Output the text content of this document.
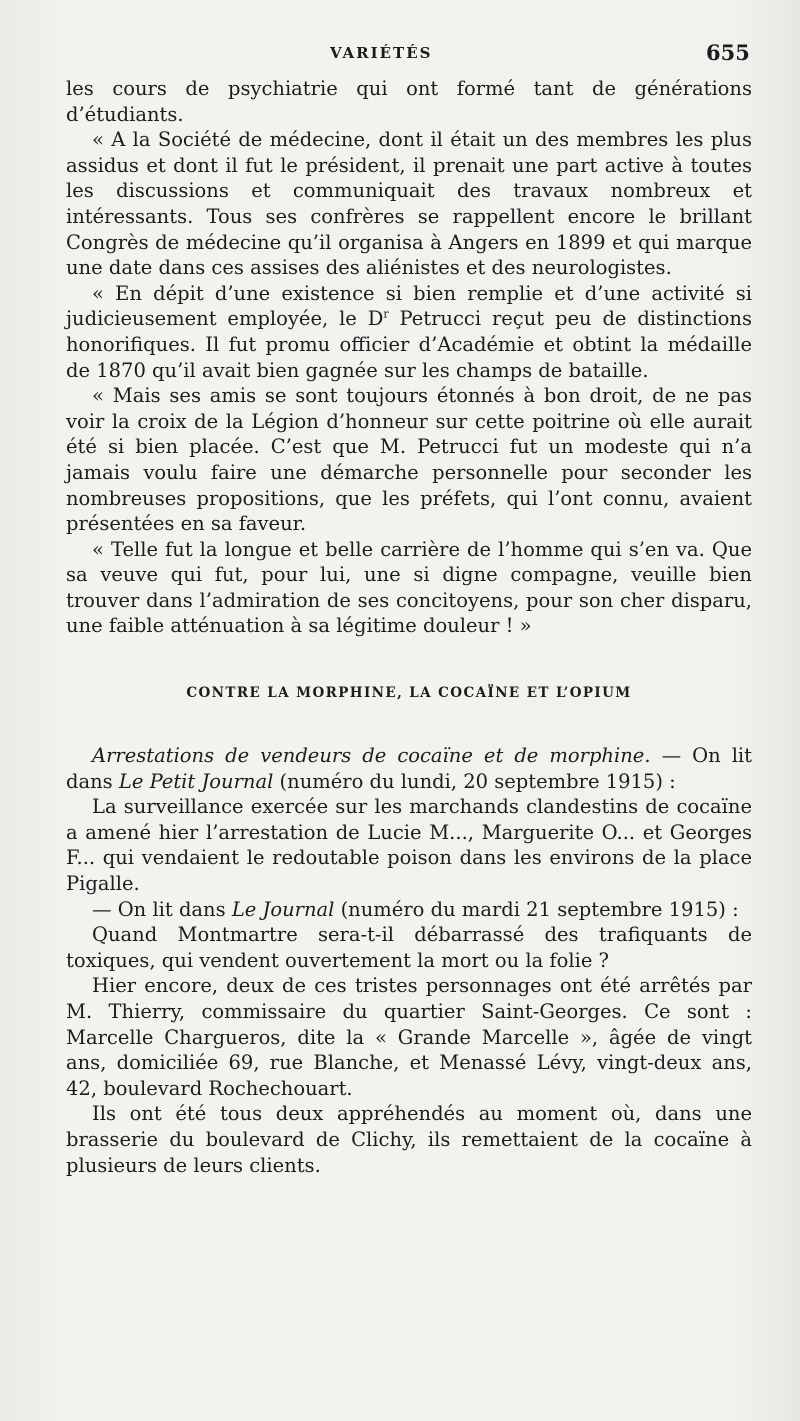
VARIÉTÉS	655

les cours de psychiatrie qui ont formé tant de générations d’étudiants.

« A la Société de médecine, dont il était un des membres les plus assidus et dont il fut le président, il prenait une part active à toutes les discussions et communiquait des travaux nombreux et intéressants. Tous ses confrères se rappellent encore le brillant Congrès de médecine qu’il organisa à Angers en 1899 et qui marque une date dans ces assises des aliénistes et des neurologistes.

« En dépit d’une existence si bien remplie et d’une activité si judicieusement employée, le $D^r$ Petrucci reçut peu de distinctions honorifiques. Il fut promu officier d’Académie et obtint la médaille de 1870 qu’il avait bien gagnée sur les champs de bataille.

« Mais ses amis se sont toujours étonnés à bon droit, de ne pas voir la croix de la Légion d’honneur sur cette poitrine où elle aurait été si bien placée. C’est que M. Petrucci fut un modeste qui n’a jamais voulu faire une démarche personnelle pour seconder les nombreuses propositions, que les préfets, qui l’ont connu, avaient présentées en sa faveur.

« Telle fut la longue et belle carrière de l’homme qui s’en va. Que sa veuve qui fut, pour lui, une si digne compagne, veuille bien trouver dans l’admiration de ses concitoyens, pour son cher disparu, une faible atténuation à sa légitime douleur ! »

CONTRE LA MORPHINE, LA COCAÏNE ET L’OPIUM

Arrestations de vendeurs de cocaïne et de morphine. — On lit dans Le Petit Journal (numéro du lundi, 20 septembre 1915) :

La surveillance exercée sur les marchands clandestins de cocaïne a amené hier l’arrestation de Lucie M..., Marguerite O... et Georges F... qui vendaient le redoutable poison dans les environs de la place Pigalle.

— On lit dans Le Journal (numéro du mardi 21 septembre 1915) :

Quand Montmartre sera-t-il débarrassé des trafiquants de toxiques, qui vendent ouvertement la mort ou la folie ?

Hier encore, deux de ces tristes personnages ont été arrêtés par M. Thierry, commissaire du quartier Saint-Georges. Ce sont : Marcelle Chargueros, dite la « Grande Marcelle », âgée de vingt ans, domiciliée 69, rue Blanche, et Menassé Lévy, vingt-deux ans, 42, boulevard Rochechouart.

Ils ont été tous deux appréhendés au moment où, dans une brasserie du boulevard de Clichy, ils remettaient de la cocaïne à plusieurs de leurs clients.
